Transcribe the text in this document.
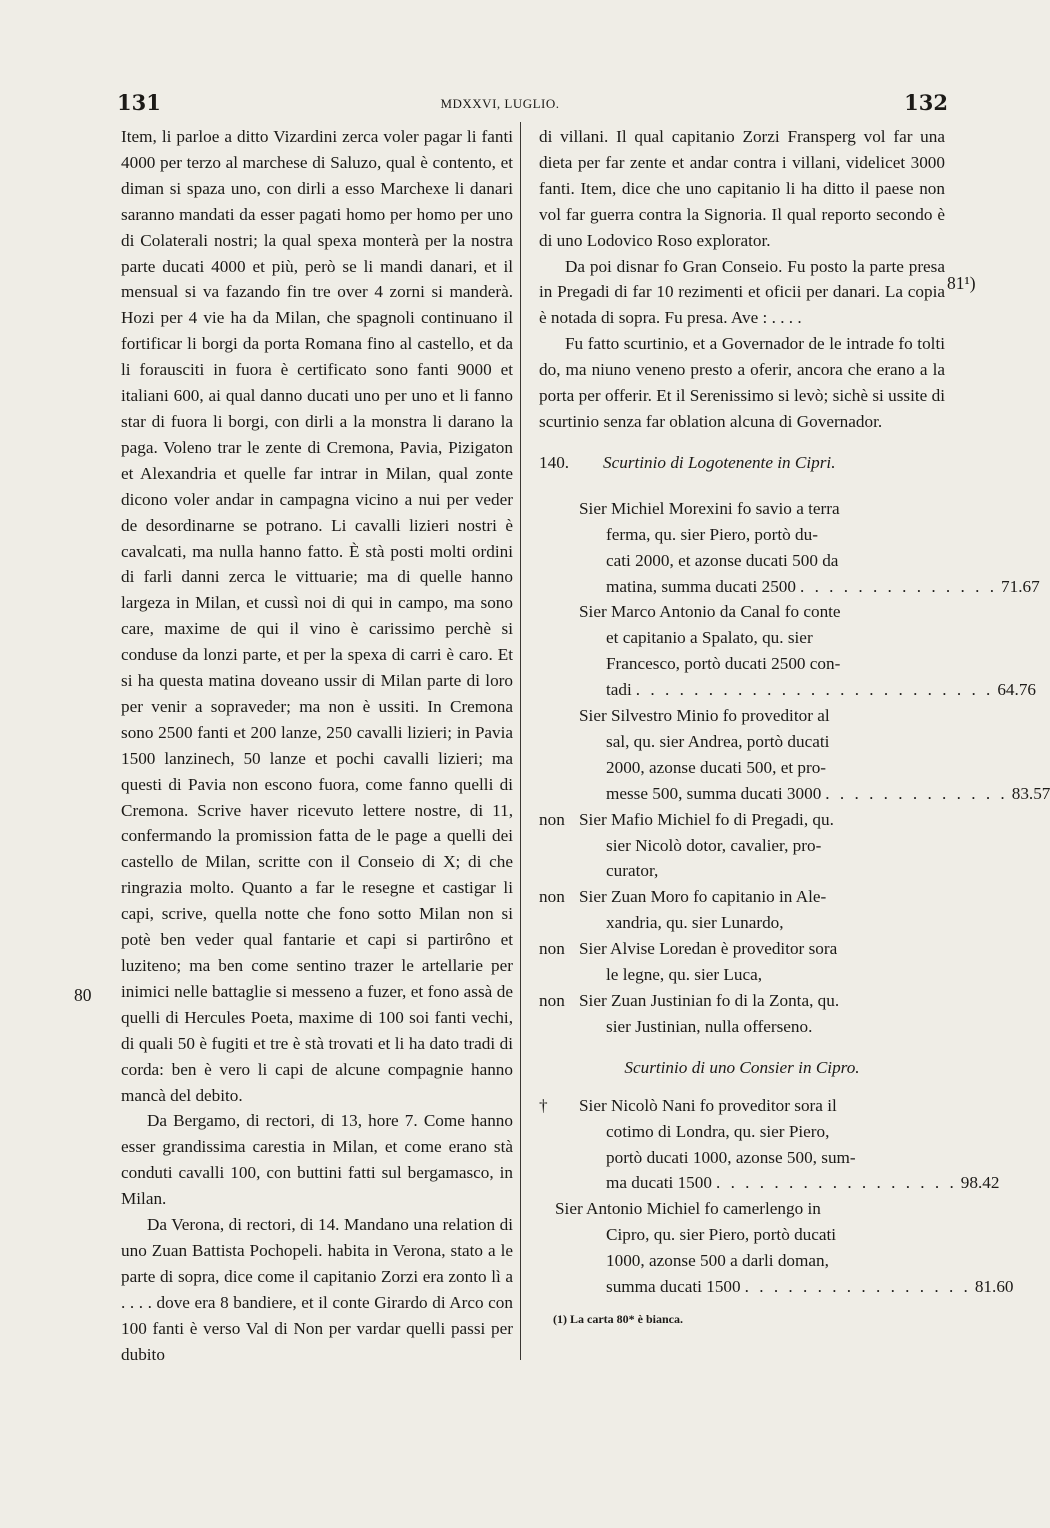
131	MDXXVI, LUGLIO.	132
80
81¹)

Item, li parloe a ditto Vizardini zerca voler pagar li fanti 4000 per terzo al marchese di Saluzo, qual è contento, et diman si spaza uno, con dirli a esso Marchexe li danari saranno mandati da esser pagati homo per homo per uno di Colaterali nostri; la qual spexa monterà per la nostra parte ducati 4000 et più, però se li mandi danari, et il mensual si va fazando fin tre over 4 zorni si manderà. Hozi per 4 vie ha da Milan, che spagnoli continuano il fortificar li borgi da porta Romana fino al castello, et da li forausciti in fuora è certificato sono fanti 9000 et italiani 600, ai qual danno ducati uno per uno et li fanno star di fuora li borgi, con dirli a la monstra li darano la paga. Voleno trar le zente di Cremona, Pavia, Pizigaton et Alexandria et quelle far intrar in Milan, qual zonte dicono voler andar in campagna vicino a nui per veder de desordinarne se potrano. Li cavalli lizieri nostri è cavalcati, ma nulla hanno fatto. È stà posti molti ordini di farli danni zerca le vittuarie; ma di quelle hanno largeza in Milan, et cussì noi di qui in campo, ma sono care, maxime de qui il vino è carissimo perchè si conduse da lonzi parte, et per la spexa di carri è caro. Et si ha questa matina doveano ussir di Milan parte di loro per venir a sopraveder; ma non è ussiti. In Cremona sono 2500 fanti et 200 lanze, 250 cavalli lizieri; in Pavia 1500 lanzinech, 50 lanze et pochi cavalli lizieri; ma questi di Pavia non escono fuora, come fanno quelli di Cremona. Scrive haver ricevuto lettere nostre, di 11, confermando la promission fatta de le page a quelli dei castello de Milan, scritte con il Conseio di X; di che ringrazia molto. Quanto a far le resegne et castigar li capi, scrive, quella notte che fono sotto Milan non si potè ben veder qual fantarie et capi si partirôno et luziteno; ma ben come sentino trazer le artellarie per inimici nelle battaglie si messeno a fuzer, et fono assà de quelli di Hercules Poeta, maxime di 100 soi fanti vechi, di quali 50 è fugiti et tre è stà trovati et li ha dato tradi di corda: ben è vero li capi de alcune compagnie hanno mancà del debito.

Da Bergamo, di rectori, di 13, hore 7. Come hanno esser grandissima carestia in Milan, et come erano stà conduti cavalli 100, con buttini fatti sul bergamasco, in Milan.

Da Verona, di rectori, di 14. Mandano una relation di uno Zuan Battista Pochopeli. habita in Verona, stato a le parte di sopra, dice come il capitanio Zorzi era zonto lì a . . . . dove era 8 bandiere, et il conte Girardo di Arco con 100 fanti è verso Val di Non per vardar quelli passi per dubito

di villani. Il qual capitanio Zorzi Fransperg vol far una dieta per far zente et andar contra i villani, videlicet 3000 fanti. Item, dice che uno capitanio li ha ditto il paese non vol far guerra contra la Signoria. Il qual reporto secondo è di uno Lodovico Roso explorator.

Da poi disnar fo Gran Conseio. Fu posto la parte presa in Pregadi di far 10 rezimenti et oficii per danari. La copia è notada di sopra. Fu presa. Ave : . . . .

Fu fatto scurtinio, et a Governador de le intrade fo tolti do, ma niuno veneno presto a oferir, ancora che erano a la porta per offerir. Et il Serenissimo si levò; sichè si ussite di scurtinio senza far oblation alcuna di Governador.

140. Scurtinio di Logotenente in Cipri.

Sier Michiel Morexini fo savio a terra
ferma, qu. sier Piero, portò du-
cati 2000, et azonse ducati 500 da
matina, summa ducati 2500 . . . . . . . . . . . . . . 71.67
Sier Marco Antonio da Canal fo conte
et capitanio a Spalato, qu. sier
Francesco, portò ducati 2500 con-
tadi . . . . . . . . . . . . . . . . . . . . . . . . . 64.76
Sier Silvestro Minio fo proveditor al
sal, qu. sier Andrea, portò ducati
2000, azonse ducati 500, et pro-
messe 500, summa ducati 3000 . . . . . . . . . . . . . 83.57
non Sier Mafio Michiel fo di Pregadi, qu.
sier Nicolò dotor, cavalier, pro-
curator,
non Sier Zuan Moro fo capitanio in Ale-
xandria, qu. sier Lunardo,
non Sier Alvise Loredan è proveditor sora
le legne, qu. sier Luca,
non Sier Zuan Justinian fo di la Zonta, qu.
sier Justinian, nulla offerseno.

Scurtinio di uno Consier in Cipro.

† Sier Nicolò Nani fo proveditor sora il
cotimo di Londra, qu. sier Piero,
portò ducati 1000, azonse 500, sum-
ma ducati 1500 . . . . . . . . . . . . . . . . . 98.42
Sier Antonio Michiel fo camerlengo in
Cipro, qu. sier Piero, portò ducati
1000, azonse 500 a darli doman,
summa ducati 1500 . . . . . . . . . . . . . . . . 81.60

(1) La carta 80* è bianca.
